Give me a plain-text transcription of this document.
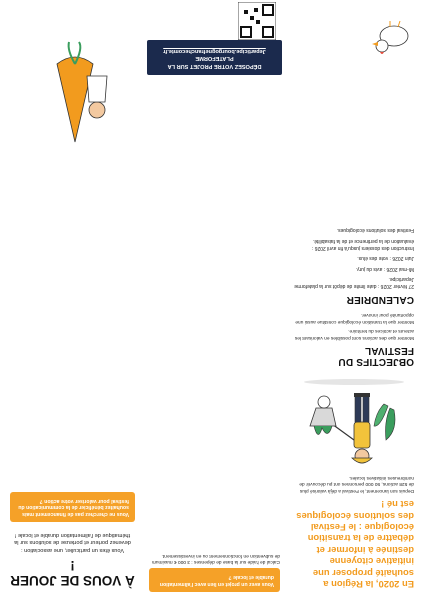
En 2020, la Région a souhaité proposer une initiative citoyenne destinée à informer et débattre de la transition écologique : le Festival des solutions écologiques est né !

Depuis son lancement, le Festival a déjà valorisé plus de 528 actions, 50 000 personnes ont pu découvrir de nombreuses initiatives locales.

OBJECTIFS DU FESTIVAL

Montrer que des actions sont possibles en valorisant les acteurs et actrices du territoire.

Montrer que la transition écologique constitue aussi une opportunité pour innover.

CALENDRIER

27 février 2026 : date limite de dépôt sur la plateforme Jeparticipe.

Mi-mai 2026 : avis du jury.

Juin 2026 : vote des élus.

Instruction des dossiers jusqu'à fin avril 2026 : évaluation de la pertinence et de la faisabilité.

Festival des solutions écologiques.

Vous avez un projet en lien avec l'alimentation durable et locale ?

Calcul de l'aide sur la base de dépenses : 3 000 € maximum de subvention en fonctionnement ou en investissement.

DÉPOSEZ VOTRE PROJET SUR LA PLATEFORME
Jeparticipe.bourgognefranchecomte.fr
À VOUS DE JOUER !

Vous êtes un particulier, une association : devenez porteur et porteuse de solutions sur la thématique de l'alimentation durable et locale !

Vous ne cherchez pas de financement mais souhaitez bénéficier de la communication du festival pour valoriser votre action ?
